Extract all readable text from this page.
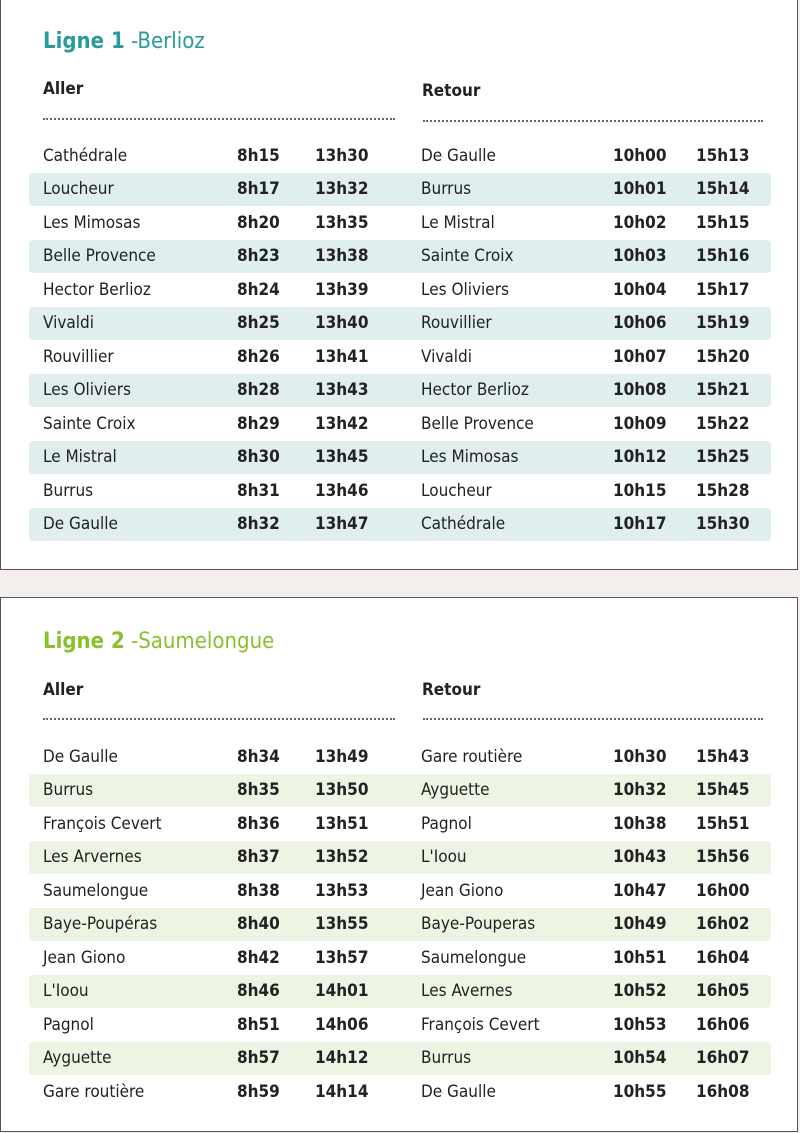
Ligne 1 -Berlioz
Aller	Retour
Cathédrale	8h15 13h30	De Gaulle	10h00 15h13
Loucheur	8h17 13h32	Burrus	10h01 15h14
Les Mimosas	8h20 13h35	Le Mistral	10h02 15h15
Belle Provence	8h23 13h38	Sainte Croix	10h03 15h16
Hector Berlioz	8h24 13h39	Les Oliviers	10h04 15h17
Vivaldi	8h25 13h40	Rouvillier	10h06 15h19
Rouvillier	8h26 13h41	Vivaldi	10h07 15h20
Les Oliviers	8h28 13h43	Hector Berlioz	10h08 15h21
Sainte Croix	8h29 13h42	Belle Provence	10h09 15h22
Le Mistral	8h30 13h45	Les Mimosas	10h12 15h25
Burrus	8h31 13h46	Loucheur	10h15 15h28
De Gaulle	8h32 13h47	Cathédrale	10h17 15h30
Ligne 2 -Saumelongue
Aller	Retour
De Gaulle	8h34 13h49	Gare routière	10h30 15h43
Burrus	8h35 13h50	Ayguette	10h32 15h45
François Cevert	8h36 13h51	Pagnol	10h38 15h51
Les Arvernes	8h37 13h52	L'Ioou	10h43 15h56
Saumelongue	8h38 13h53	Jean Giono	10h47 16h00
Baye-Poupéras	8h40 13h55	Baye-Pouperas	10h49 16h02
Jean Giono	8h42 13h57	Saumelongue	10h51 16h04
L'Ioou	8h46 14h01	Les Avernes	10h52 16h05
Pagnol	8h51 14h06	François Cevert	10h53 16h06
Ayguette	8h57 14h12	Burrus	10h54 16h07
Gare routière	8h59 14h14	De Gaulle	10h55 16h08
